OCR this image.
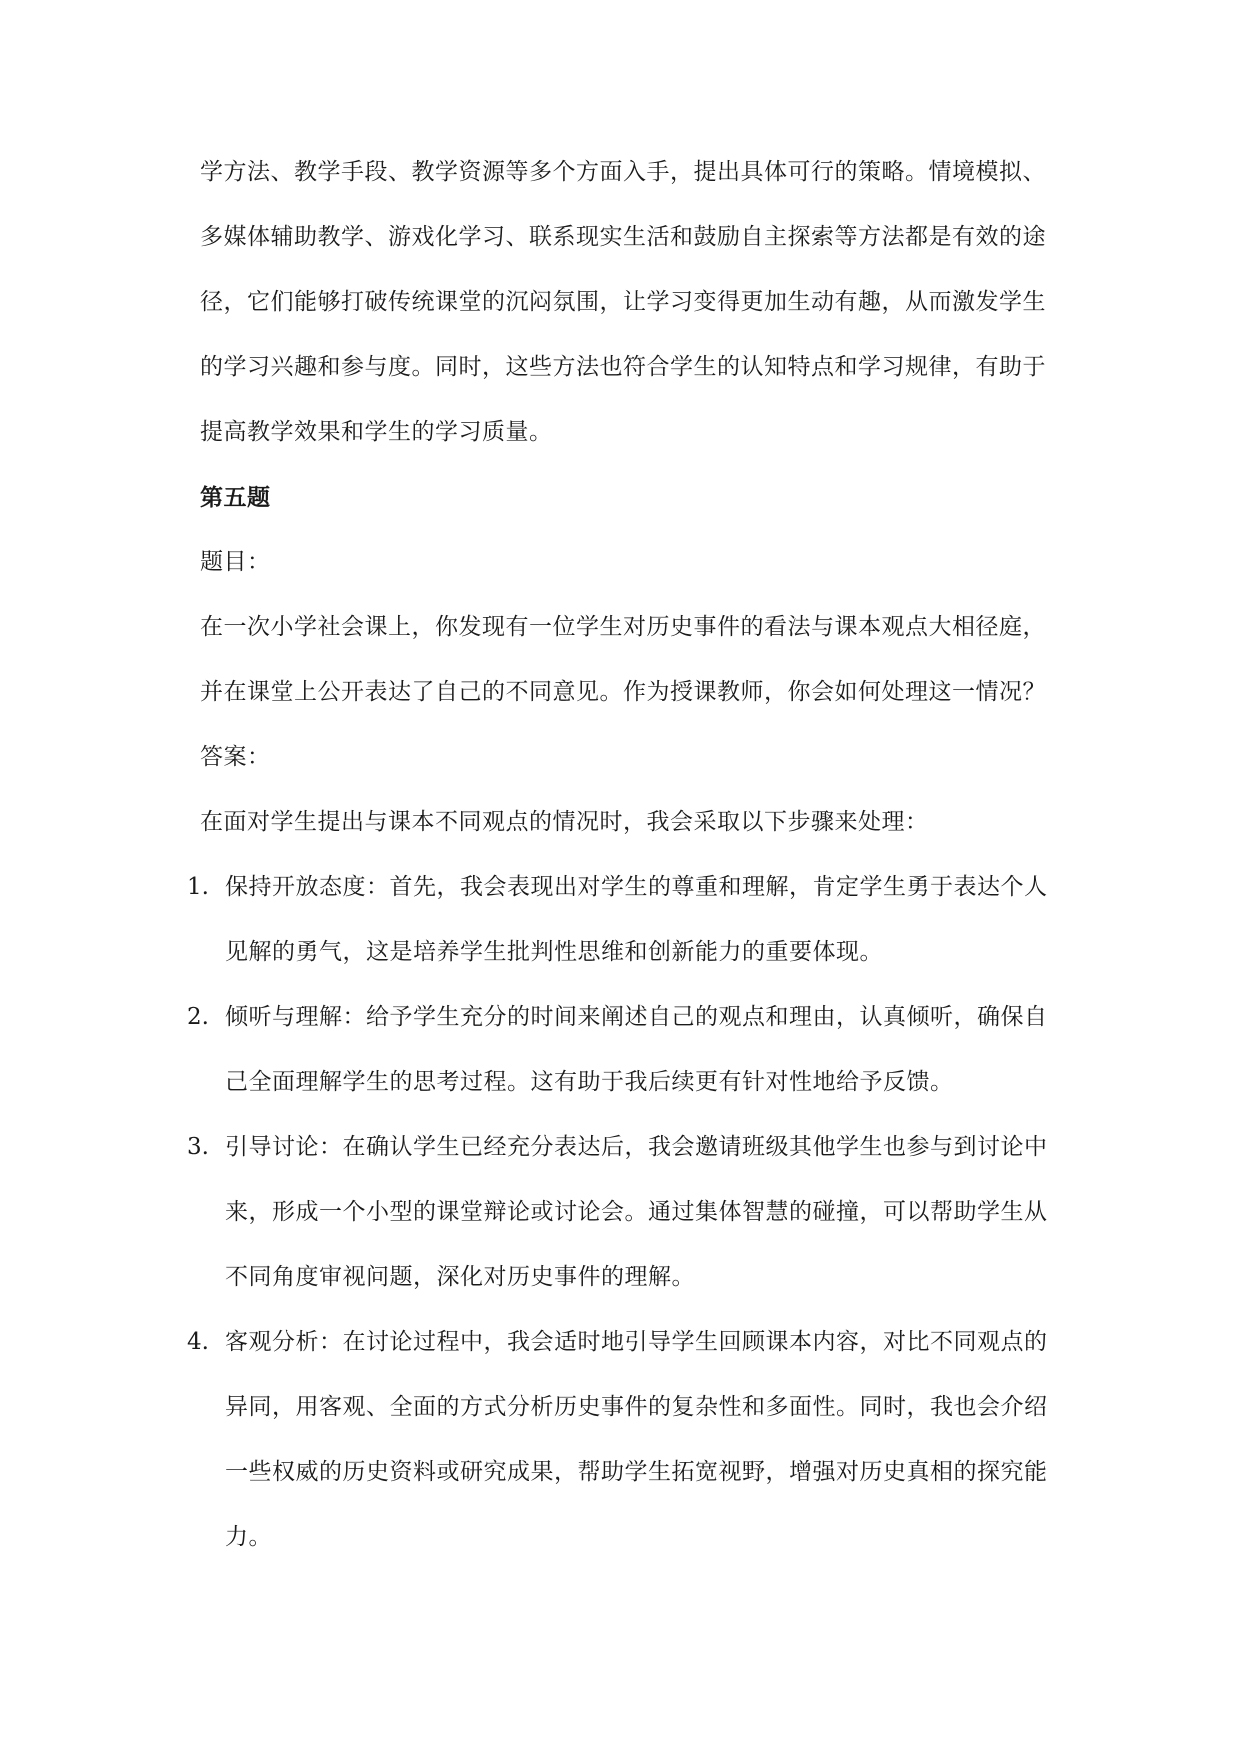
学方法、教学手段、教学资源等多个方面入手，提出具体可行的策略。情境模拟、
多媒体辅助教学、游戏化学习、联系现实生活和鼓励自主探索等方法都是有效的途
径，它们能够打破传统课堂的沉闷氛围，让学习变得更加生动有趣，从而激发学生
的学习兴趣和参与度。同时，这些方法也符合学生的认知特点和学习规律，有助于
提高教学效果和学生的学习质量。
第五题
题目：
在一次小学社会课上，你发现有一位学生对历史事件的看法与课本观点大相径庭，
并在课堂上公开表达了自己的不同意见。作为授课教师，你会如何处理这一情况？
答案：
在面对学生提出与课本不同观点的情况时，我会采取以下步骤来处理：
1. 保持开放态度：首先，我会表现出对学生的尊重和理解，肯定学生勇于表达个人
见解的勇气，这是培养学生批判性思维和创新能力的重要体现。
2. 倾听与理解：给予学生充分的时间来阐述自己的观点和理由，认真倾听，确保自
己全面理解学生的思考过程。这有助于我后续更有针对性地给予反馈。
3. 引导讨论：在确认学生已经充分表达后，我会邀请班级其他学生也参与到讨论中
来，形成一个小型的课堂辩论或讨论会。通过集体智慧的碰撞，可以帮助学生从
不同角度审视问题，深化对历史事件的理解。
4. 客观分析：在讨论过程中，我会适时地引导学生回顾课本内容，对比不同观点的
异同，用客观、全面的方式分析历史事件的复杂性和多面性。同时，我也会介绍
一些权威的历史资料或研究成果，帮助学生拓宽视野，增强对历史真相的探究能
力。
